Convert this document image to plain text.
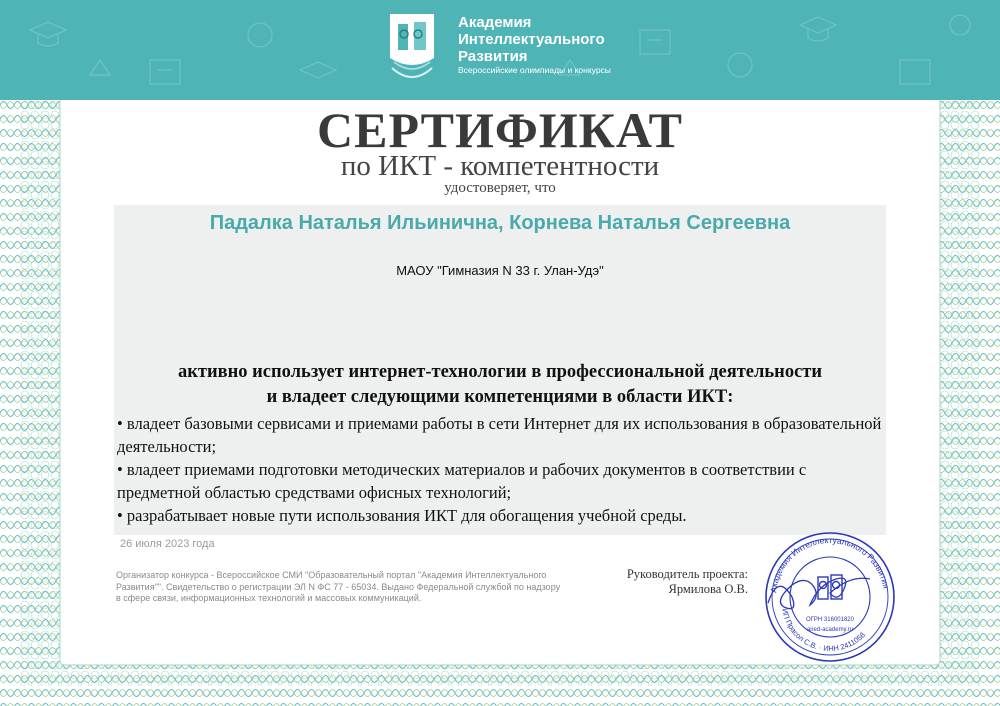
Академия
Интеллектуального
Развития
Всероссийские олимпиады и конкурсы
СЕРТИФИКАТ
по ИКТ - компетентности
удостоверяет, что
Падалка Наталья Ильинична, Корнева Наталья Сергеевна
МАОУ "Гимназия N 33 г. Улан-Удэ"
активно использует интернет-технологии в профессиональной деятельности
и владеет следующими компетенциями в области ИКТ:
• владеет базовыми сервисами и приемами работы в сети Интернет для их использования в образовательной деятельности;
• владеет приемами подготовки методических материалов и рабочих документов в соответствии с предметной областью средствами офисных технологий;
• разрабатывает новые пути использования ИКТ для обогащения учебной среды.
26 июля 2023 года
Организатор конкурса - Всероссийское СМИ "Образовательный портал "Академия Интеллектуального Развития"". Свидетельство о регистрации ЭЛ N ФС 77 - 65034. Выдано Федеральной службой по надзору в сфере связи, информационных технологий и массовых коммуникаций.
Руководитель проекта:
Ярмилова О.В. Академия Интеллектуального Развития
ИП Прасол С.В. · ИНН 2411058
ОГРН 316001820
aired-academy.ru
